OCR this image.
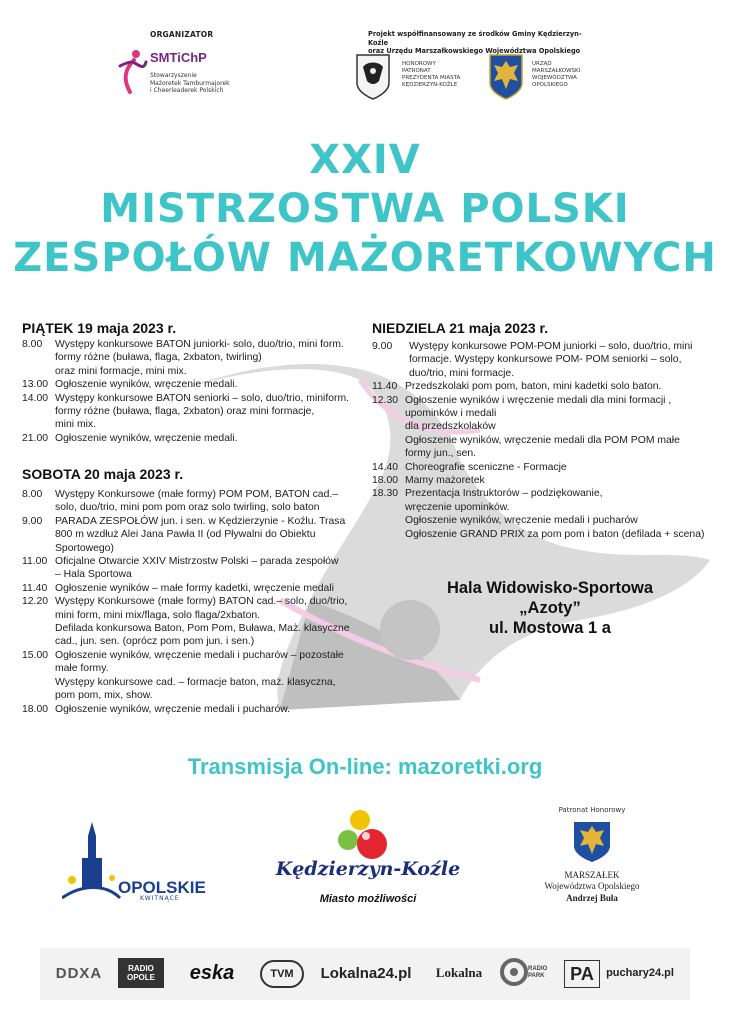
ORGANIZATOR
SMTiChP
Stowarzyszenie
Mażoretek Tamburmajorek
i Cheerleaderek Polskich
Projekt współfinansowany ze środków Gminy Kędzierzyn-Koźle
oraz Urzędu Marszałkowskiego Województwa Opolskiego
HONOROWY
PATRONAT
PREZYDENTA MIASTA
KĘDZIERZYN-KOŹLE
URZĄD
MARSZAŁKOWSKI
WOJEWÓDZTWA
OPOLSKIEGO
XXIV
MISTRZOSTWA POLSKI
ZESPOŁÓW MAŻORETKOWYCH
PIĄTEK 19 maja 2023 r.
8.00	Występy konkursowe BATON juniorki- solo, duo/trio, mini form.
formy różne (buława, flaga, 2xbaton, twirling)
oraz mini formacje, mini mix.
13.00 Ogłoszenie wyników, wręczenie medali.
14.00 Występy konkursowe BATON seniorki – solo, duo/trio, miniform.
formy różne (buława, flaga, 2xbaton) oraz mini formacje,
mini mix.
21.00 Ogłoszenie wyników, wręczenie medali.
SOBOTA 20 maja 2023 r.
8.00	Występy Konkursowe (małe formy) POM POM, BATON cad.–
solo, duo/trio, mini pom pom oraz solo twirling, solo baton
9.00	PARADA ZESPOŁÓW jun. i sen. w Kędzierzynie - Koźlu. Trasa
800 m wzdłuż Alei Jana Pawła II (od Pływalni do Obiektu
Sportowego)
11.00 Oficjalne Otwarcie XXIV Mistrzostw Polski – parada zespołów
– Hala Sportowa
11.40 Ogłoszenie wyników – małe formy kadetki, wręczenie medali
12.20 Występy Konkursowe (małe formy) BATON cad.– solo, duo/trio,
mini form, mini mix/flaga, solo flaga/2xbaton.
Defilada konkursowa Baton, Pom Pom, Buława, Maż. klasyczne
cad., jun. sen. (oprócz pom pom jun. i sen.)
15.00 Ogłoszenie wyników, wręczenie medali i pucharów – pozostałe
małe formy.
Występy konkursowe cad. – formacje baton, maż. klasyczna,
pom pom, mix, show.
18.00 Ogłoszenie wyników, wręczenie medali i pucharów.
NIEDZIELA 21 maja 2023 r.
9.00	Występy konkursowe POM-POM juniorki – solo, duo/trio, mini
formacje. Występy konkursowe POM- POM seniorki – solo,
duo/trio, mini formacje.
11.40 Przedszkolaki pom pom, baton, mini kadetki solo baton.
12.30 Ogłoszenie wyników i wręczenie medali dla mini formacji ,
upominków i medali
dla przedszkolaków
Ogłoszenie wyników, wręczenie medali dla POM POM małe
formy jun., sen.
14.40 Choreografie sceniczne - Formacje
18.00 Mamy mażoretek
18.30 Prezentacja Instruktorów – podziękowanie,
wręczenie upominków.
Ogłoszenie wyników, wręczenie medali i pucharów
Ogłoszenie GRAND PRIX za pom pom i baton (defilada + scena)
Hala Widowisko-Sportowa
„Azoty”
ul. Mostowa 1 a
Transmisja On-line: mazoretki.org
OPOLSKIE
KWITNĄCE
Kędzierzyn-Koźle
Miasto możliwości
Patronat Honorowy
MARSZAŁEK
Województwa Opolskiego
Andrzej Buła
DDXA	RADIO
OPOLE eska	TVM Lokalna24.pl Lokalna	RADIO PARK	PA puchary24.pl
